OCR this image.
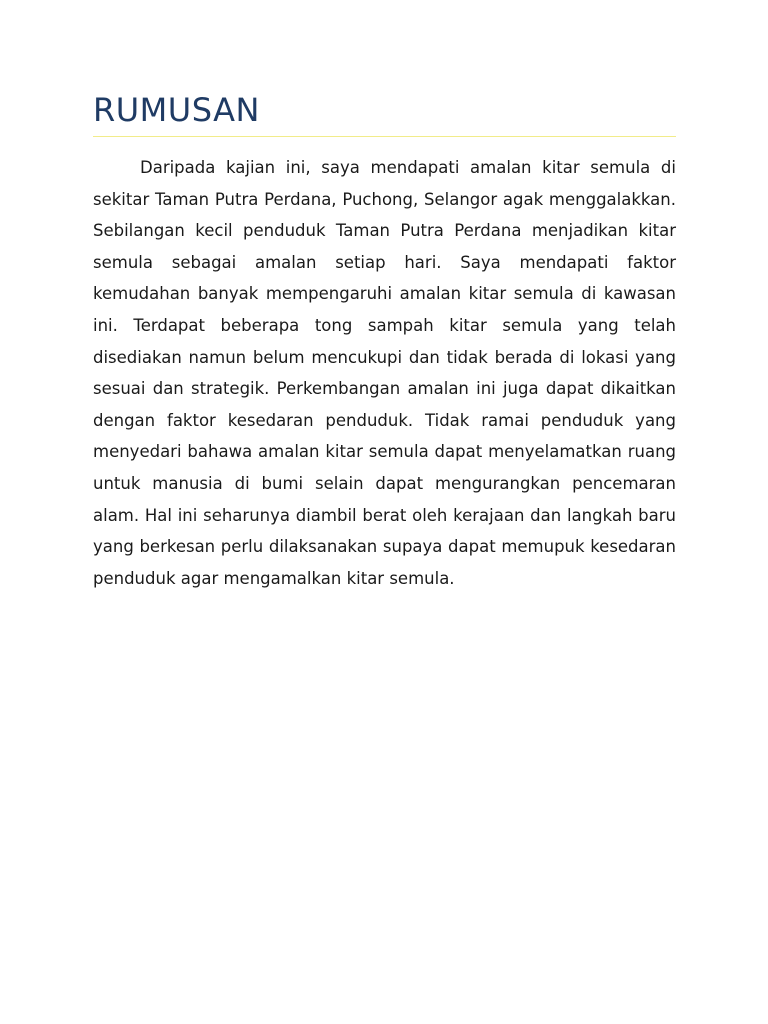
RUMUSAN

Daripada kajian ini, saya mendapati amalan kitar semula di sekitar Taman Putra Perdana, Puchong, Selangor agak menggalakkan. Sebilangan kecil penduduk Taman Putra Perdana menjadikan kitar semula sebagai amalan setiap hari. Saya mendapati faktor kemudahan banyak mempengaruhi amalan kitar semula di kawasan ini. Terdapat beberapa tong sampah kitar semula yang telah disediakan namun belum mencukupi dan tidak berada di lokasi yang sesuai dan strategik. Perkembangan amalan ini juga dapat dikaitkan dengan faktor kesedaran penduduk. Tidak ramai penduduk yang menyedari bahawa amalan kitar semula dapat menyelamatkan ruang untuk manusia di bumi selain dapat mengurangkan pencemaran alam. Hal ini seharunya diambil berat oleh kerajaan dan langkah baru yang berkesan perlu dilaksanakan supaya dapat memupuk kesedaran penduduk agar mengamalkan kitar semula.
